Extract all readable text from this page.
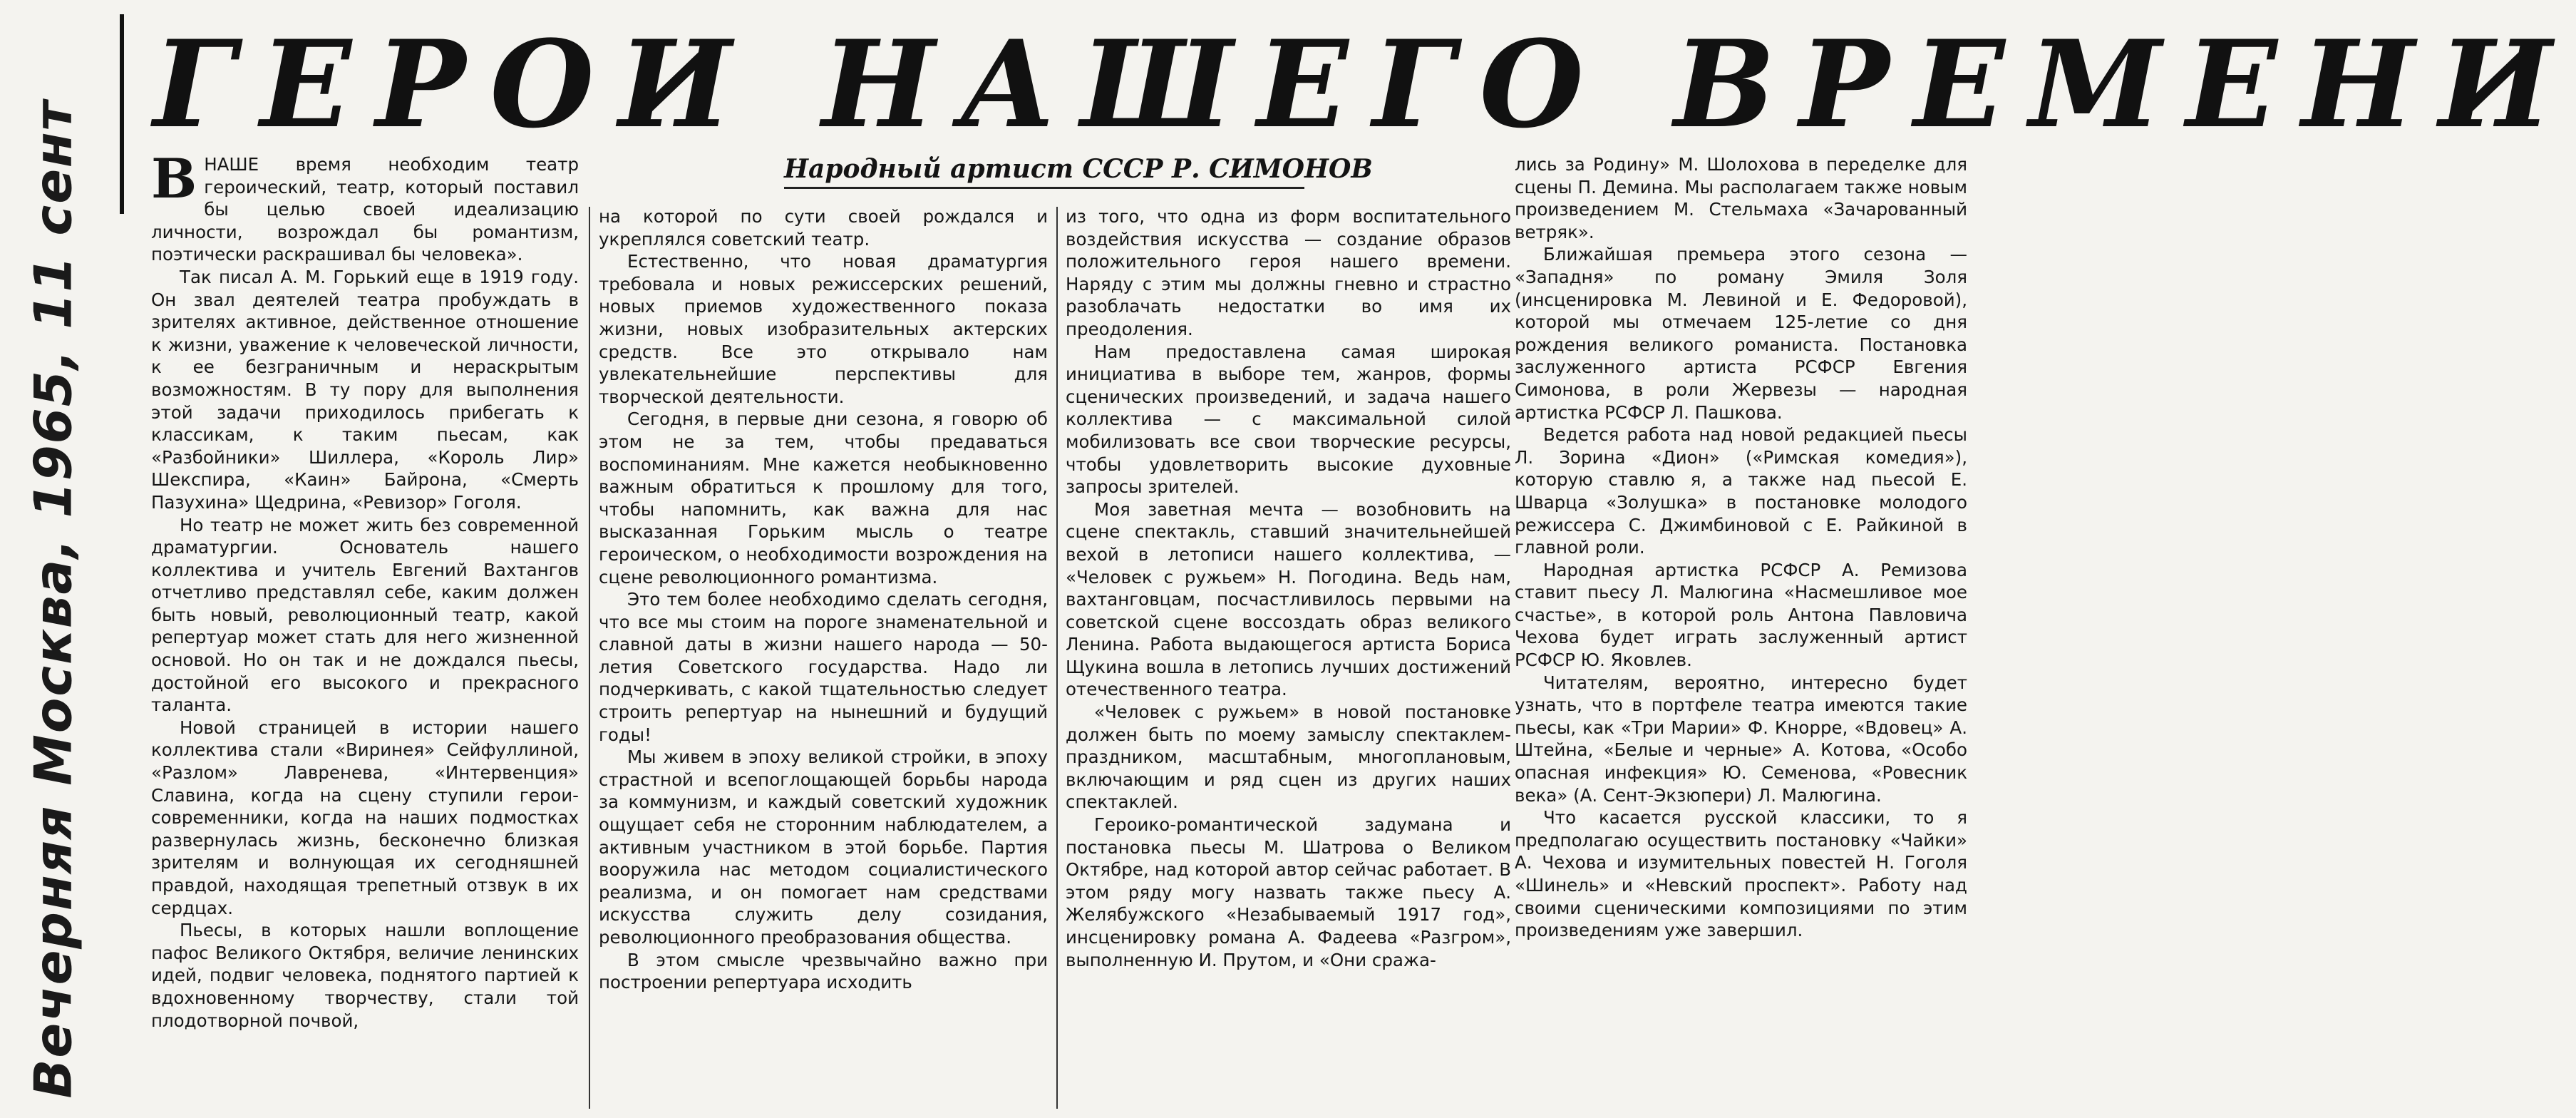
Вечерняя Москва, 1965, 11 сент
ГЕРОИ НАШЕГО ВРЕМЕНИ
Народный артист СССР Р. СИМОНОВ

ВНАШЕ время необходим театр героический, театр, который поставил бы целью своей идеализацию личности, возрождал бы романтизм, поэтически раскрашивал бы человека».

Так писал А. М. Горький еще в 1919 году. Он звал деятелей театра пробуждать в зрителях активное, действенное отношение к жизни, уважение к человеческой личности, к ее безграничным и нераскрытым возможностям. В ту пору для выполнения этой задачи приходилось прибегать к классикам, к таким пьесам, как «Разбойники» Шиллера, «Король Лир» Шекспира, «Каин» Байрона, «Смерть Пазухина» Щедрина, «Ревизор» Гоголя.

Но театр не может жить без современной драматургии. Основатель нашего коллектива и учитель Евгений Вахтангов отчетливо представлял себе, каким должен быть новый, революционный театр, какой репертуар может стать для него жизненной основой. Но он так и не дождался пьесы, достойной его высокого и прекрасного таланта.

Новой страницей в истории нашего коллектива стали «Виринея» Сейфуллиной, «Разлом» Лавренева, «Интервенция» Славина, когда на сцену ступили герои-современники, когда на наших подмостках развернулась жизнь, бесконечно близкая зрителям и волнующая их сегодняшней правдой, находящая трепетный отзвук в их сердцах.

Пьесы, в которых нашли воплощение пафос Великого Октября, величие ленинских идей, подвиг человека, поднятого партией к вдохновенному творчеству, стали той плодотворной почвой,

на которой по сути своей рождался и укреплялся советский театр.

Естественно, что новая драматургия требовала и новых режиссерских решений, новых приемов художественного показа жизни, новых изобразительных актерских средств. Все это открывало нам увлекательнейшие перспективы для творческой деятельности.

Сегодня, в первые дни сезона, я говорю об этом не за тем, чтобы предаваться воспоминаниям. Мне кажется необыкновенно важным обратиться к прошлому для того, чтобы напомнить, как важна для нас высказанная Горьким мысль о театре героическом, о необходимости возрождения на сцене революционного романтизма.

Это тем более необходимо сделать сегодня, что все мы стоим на пороге знаменательной и славной даты в жизни нашего народа — 50-летия Советского государства. Надо ли подчеркивать, с какой тщательностью следует строить репертуар на нынешний и будущий годы!

Мы живем в эпоху великой стройки, в эпоху страстной и всепоглощающей борьбы народа за коммунизм, и каждый советский художник ощущает себя не сторонним наблюдателем, а активным участником в этой борьбе. Партия вооружила нас методом социалистического реализма, и он помогает нам средствами искусства служить делу созидания, революционного преобразования общества.

В этом смысле чрезвычайно важно при построении репертуара исходить

из того, что одна из форм воспитательного воздействия искусства — создание образов положительного героя нашего времени. Наряду с этим мы должны гневно и страстно разоблачать недостатки во имя их преодоления.

Нам предоставлена самая широкая инициатива в выборе тем, жанров, формы сценических произведений, и задача нашего коллектива — с максимальной силой мобилизовать все свои творческие ресурсы, чтобы удовлетворить высокие духовные запросы зрителей.

Моя заветная мечта — возобновить на сцене спектакль, ставший значительнейшей вехой в летописи нашего коллектива, — «Человек с ружьем» Н. Погодина. Ведь нам, вахтанговцам, посчастливилось первыми на советской сцене воссоздать образ великого Ленина. Работа выдающегося артиста Бориса Щукина вошла в летопись лучших достижений отечественного театра.

«Человек с ружьем» в новой постановке должен быть по моему замыслу спектаклем-праздником, масштабным, многоплановым, включающим и ряд сцен из других наших спектаклей.

Героико-романтической задумана и постановка пьесы М. Шатрова о Великом Октябре, над которой автор сейчас работает. В этом ряду могу назвать также пьесу А. Желябужского «Незабываемый 1917 год», инсценировку романа А. Фадеева «Разгром», выполненную И. Прутом, и «Они сража-

лись за Родину» М. Шолохова в переделке для сцены П. Демина. Мы располагаем также новым произведением М. Стельмаха «Зачарованный ветряк».

Ближайшая премьера этого сезона — «Западня» по роману Эмиля Золя (инсценировка М. Левиной и Е. Федоровой), которой мы отмечаем 125-летие со дня рождения великого романиста. Постановка заслуженного артиста РСФСР Евгения Симонова, в роли Жервезы — народная артистка РСФСР Л. Пашкова.

Ведется работа над новой редакцией пьесы Л. Зорина «Дион» («Римская комедия»), которую ставлю я, а также над пьесой Е. Шварца «Золушка» в постановке молодого режиссера С. Джимбиновой с Е. Райкиной в главной роли.

Народная артистка РСФСР А. Ремизова ставит пьесу Л. Малюгина «Насмешливое мое счастье», в которой роль Антона Павловича Чехова будет играть заслуженный артист РСФСР Ю. Яковлев.

Читателям, вероятно, интересно будет узнать, что в портфеле театра имеются такие пьесы, как «Три Марии» Ф. Кнорре, «Вдовец» А. Штейна, «Белые и черные» А. Котова, «Особо опасная инфекция» Ю. Семенова, «Ровесник века» (А. Сент-Экзюпери) Л. Малюгина.

Что касается русской классики, то я предполагаю осуществить постановку «Чайки» А. Чехова и изумительных повестей Н. Гоголя «Шинель» и «Невский проспект». Работу над своими сценическими композициями по этим произведениям уже завершил.
